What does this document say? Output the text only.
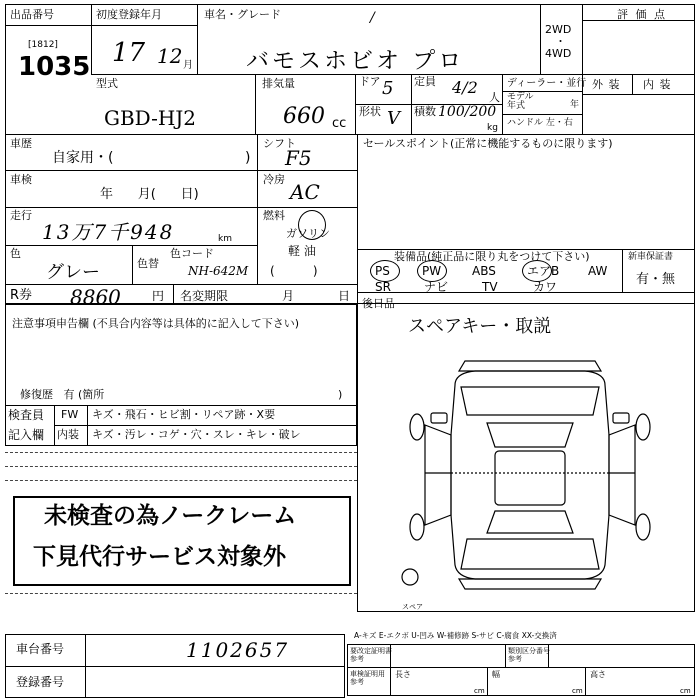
出品番号
[1812]
1035
初度登録年月
17 12 月
車名・グレード	/
バモスホビオ プロ
2WD
・
4WD
評 価 点
型式
GBD-HJ2
排気量
660 cc
ドア 5 定員 4/2
人
形状 V 積数 100/200
kg
ディーラー・並行
モデル
年式	年
ハンドル 左・右
外 装 内 装
車歴
自家用・(	)
シフト
F5
車検
年      月(      日)
冷房
AC
走行
13万7千948	km
燃料
ガソリン
軽 油
(          )
色
グレー	色替
色コード
NH-642M
R券 8860	円 名変期限	月	日
セールスポイント(正常に機能するものに限ります)
注意事項申告欄 (不具合内容等は具体的に記入して下さい)
修復歴   有 (箇所	)
検査員
記入欄
FW キズ・飛石・ヒビ割・リペア跡・X要
内装 キズ・汚レ・コゲ・穴・スレ・キレ・破レ
未検査の為ノークレーム
下見代行サービス対象外
装備品(純正品に限り丸をつけて下さい)	新車保証書
有・無
後日品
スペアキー・取説
スペア
車台番号	1102657
登録番号
A-キズ E-エクボ U-凹み W-補修跡 S-サビ C-腐食 XX-交換済
要改定証明書
参考
類別区分番号
参考
車検証明用
参考
長さ
cm
幅
cm
高さ
cm
PS	PW	ABS	エアB AW
SR	ナビ	TV	カワ
